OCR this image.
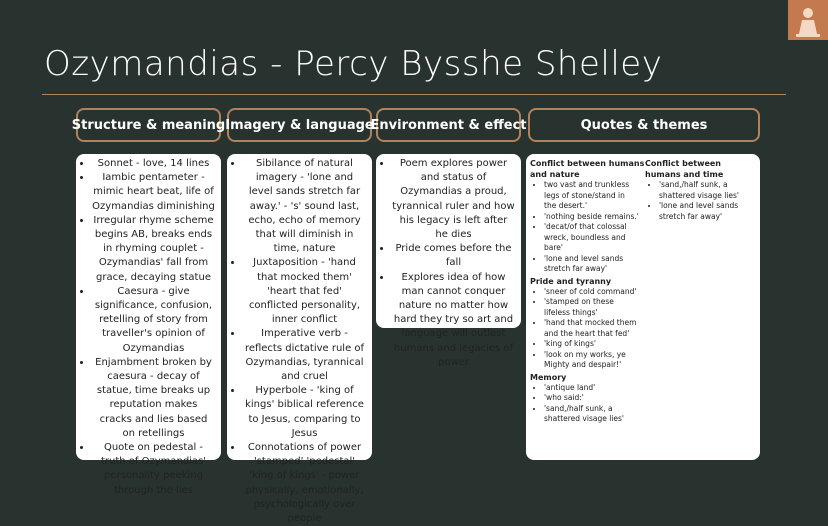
Ozymandias - Percy Bysshe Shelley
Structure & meaning Imagery & language
Environment & effect	Quotes & themes
• Sonnet - love, 14 lines
• Iambic pentameter - mimic heart beat, life of Ozymandias diminishing
• Irregular rhyme scheme begins AB, breaks ends in rhyming couplet - Ozymandias' fall from grace, decaying statue
• Caesura - give significance, confusion, retelling of story from traveller's opinion of Ozymandias
• Enjambment broken by caesura - decay of statue, time breaks up reputation makes cracks and lies based on retellings
• Quote on pedestal - truth of Ozymandias' personality peeking through the lies
• Sibilance of natural imagery - 'lone and level sands stretch far away.' - 's' sound last, echo, echo of memory that will diminish in time, nature
• Juxtaposition - 'hand that mocked them' 'heart that fed' conflicted personality, inner conflict
• Imperative verb - reflects dictative rule of Ozymandias, tyrannical and cruel
• Hyperbole - 'king of kings' biblical reference to Jesus, comparing to Jesus
• Connotations of power 'stamped' 'pedestal' 'king of kings' - power physically, emotionally, psychologically over people
• Poem explores power and status of Ozymandias a proud, tyrannical ruler and how his legacy is left after he dies
• Pride comes before the fall
• Explores idea of how man cannot conquer nature no matter how hard they try so art and language will outlast humans and legacies of power
Conflict between humans and nature
• two vast and trunkless legs of stone/stand in the desert.'
• 'nothing beside remains.'
• 'decat/of that colossal wreck, boundless and bare'
• 'lone and level sands stretch far away'
Pride and tyranny
• 'sneer of cold command'
• 'stamped on these lifeless things'
• 'hand that mocked them and the heart that fed'
• 'king of kings'
• 'look on my works, ye Mighty and despair!'
Memory
• 'antique land'
• 'who said:'
• 'sand,/half sunk, a shattered visage lies'
Conflict between humans and time
• 'sand,/half sunk, a shattered visage lies'
• 'lone and level sands stretch far away'
